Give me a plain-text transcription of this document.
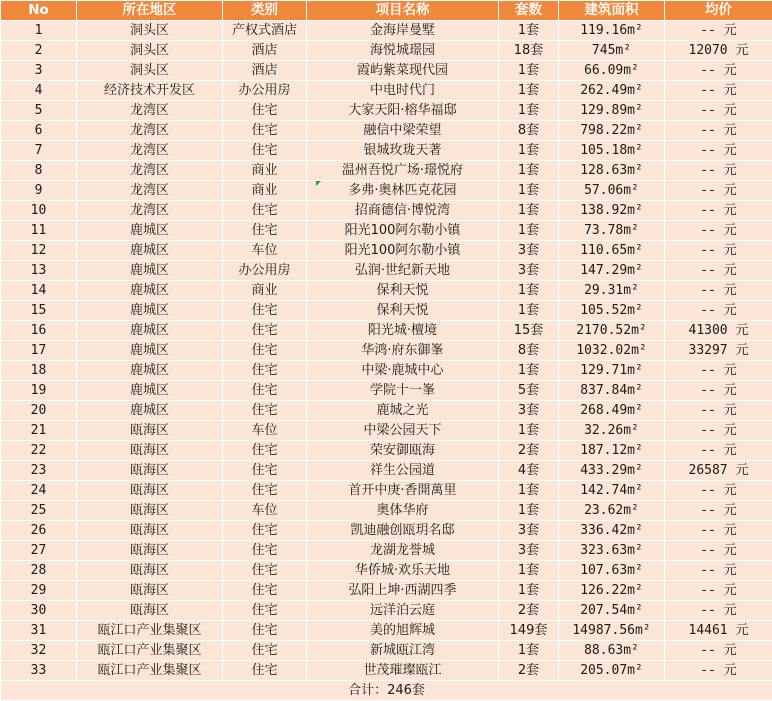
No	所在地区	类别	项目名称	套数	建筑面积	均价
1	洞头区	产权式酒店	金海岸曼墅	1套	119.16m²	-- 元
2	洞头区	酒店	海悦城璟园	18套	745m²	12070 元
3	洞头区	酒店	霞屿紫菜现代园	1套	66.09m²	-- 元
4	经济技术开发区	办公用房	中电时代门	1套	262.49m²	-- 元
5	龙湾区	住宅	大家天阳·榕华福邸	1套	129.89m²	-- 元
6	龙湾区	住宅	融信中梁荣望	8套	798.22m²	-- 元
7	龙湾区	住宅	银城玫珑天著	1套	105.18m²	-- 元
8	龙湾区	商业	温州吾悦广场·璟悦府	1套	128.63m²	-- 元
9	龙湾区	商业	多弗·奥林匹克花园	1套	57.06m²	-- 元
10	龙湾区	住宅	招商德信·博悦湾	1套	138.92m²	-- 元
11	鹿城区	住宅	阳光100阿尔勒小镇	1套	73.78m²	-- 元
12	鹿城区	车位	阳光100阿尔勒小镇	3套	110.65m²	-- 元
13	鹿城区	办公用房	弘润·世纪新天地	3套	147.29m²	-- 元
14	鹿城区	商业	保利天悦	1套	29.31m²	-- 元
15	鹿城区	住宅	保利天悦	1套	105.52m²	-- 元
16	鹿城区	住宅	阳光城·檀境	15套	2170.52m²	41300 元
17	鹿城区	住宅	华鸿·府东御峯	8套	1032.02m²	33297 元
18	鹿城区	住宅	中梁·鹿城中心	1套	129.71m²	-- 元
19	鹿城区	住宅	学院十一峯	5套	837.84m²	-- 元
20	鹿城区	住宅	鹿城之光	3套	268.49m²	-- 元
21	瓯海区	车位	中梁公园天下	1套	32.26m²	-- 元
22	瓯海区	住宅	荣安御瓯海	2套	187.12m²	-- 元
23	瓯海区	住宅	祥生公园道	4套	433.29m²	26587 元
24	瓯海区	住宅	首开中庚·香開萬里	1套	142.74m²	-- 元
25	瓯海区	车位	奥体华府	1套	23.62m²	-- 元
26	瓯海区	住宅	凯迪融创瓯玥名邸	3套	336.42m²	-- 元
27	瓯海区	住宅	龙湖龙誉城	3套	323.63m²	-- 元
28	瓯海区	住宅	华侨城·欢乐天地	1套	107.63m²	-- 元
29	瓯海区	住宅	弘阳上坤·西湖四季	1套	126.22m²	-- 元
30	瓯海区	住宅	远洋泊云庭	2套	207.54m²	-- 元
31	瓯江口产业集聚区	住宅	美的旭辉城	149套	14987.56m²	14461 元
32	瓯江口产业集聚区	住宅	新城瓯江湾	1套	88.63m²	-- 元
33	瓯江口产业集聚区	住宅	世茂璀璨瓯江	2套	205.07m²	-- 元
合计：246套						
